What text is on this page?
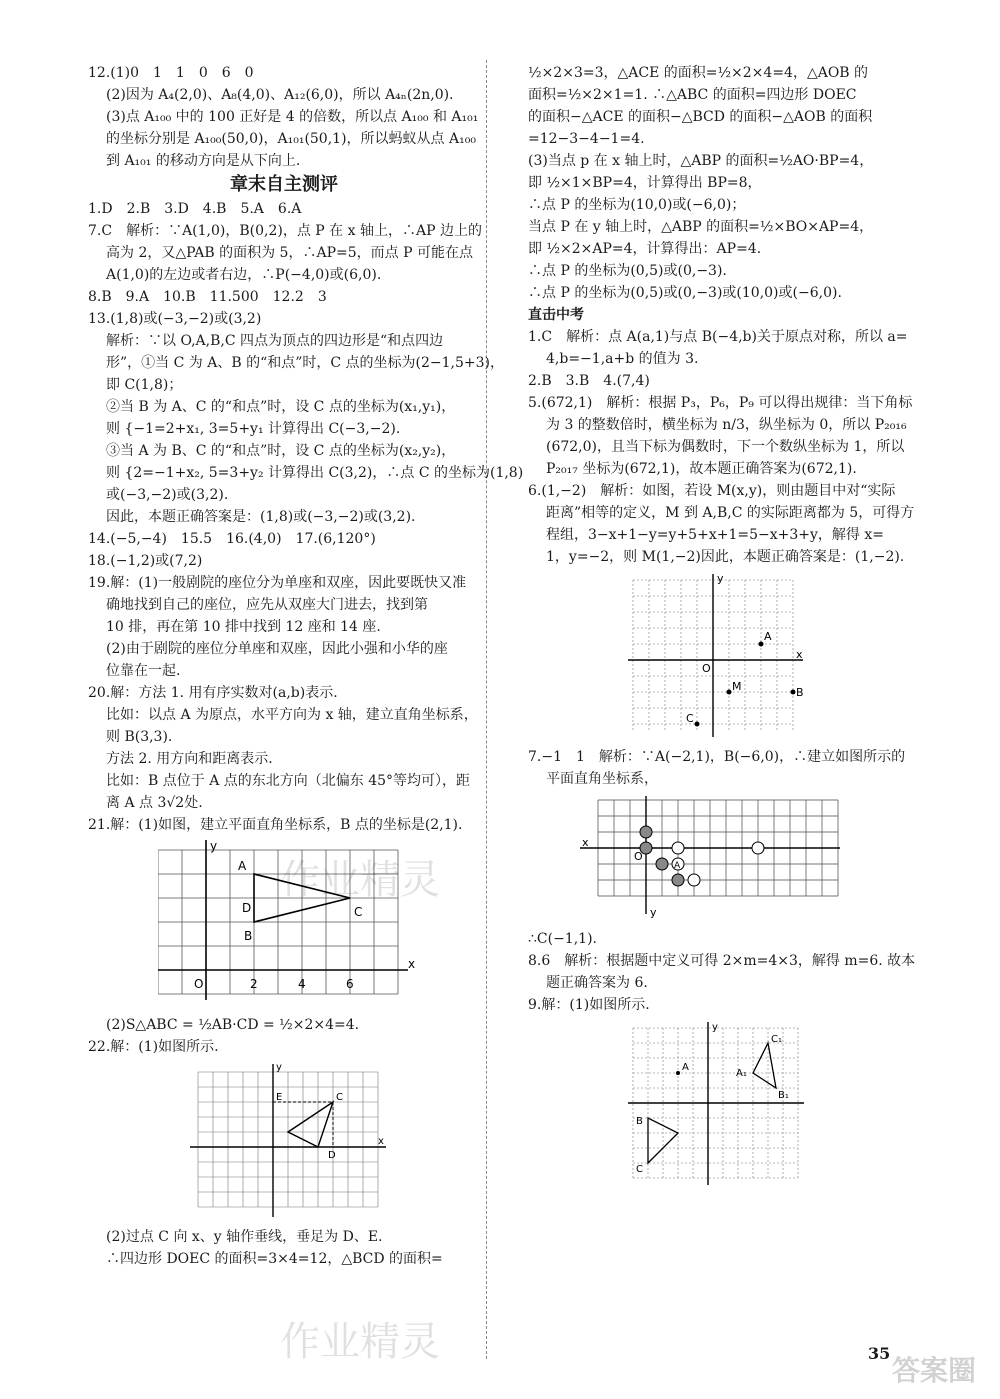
12.(1)0　1　1　0　6　0
(2)因为 A₄(2,0)、A₈(4,0)、A₁₂(6,0)，所以 A₄ₙ(2n,0).
(3)点 A₁₀₀ 中的 100 正好是 4 的倍数，所以点 A₁₀₀ 和 A₁₀₁
的坐标分别是 A₁₀₀(50,0)，A₁₀₁(50,1)，所以蚂蚁从点 A₁₀₀
到 A₁₀₁ 的移动方向是从下向上.
章末自主测评
1.D　2.B　3.D　4.B　5.A　6.A
7.C　解析：∵A(1,0)，B(0,2)，点 P 在 x 轴上，∴AP 边上的
高为 2，又△PAB 的面积为 5，∴AP=5，而点 P 可能在点
A(1,0)的左边或者右边，∴P(−4,0)或(6,0).
8.B　9.A　10.B　11.500　12.2　3
13.(1,8)或(−3,−2)或(3,2)
解析：∵以 O,A,B,C 四点为顶点的四边形是“和点四边
形”，①当 C 为 A、B 的“和点”时，C 点的坐标为(2−1,5+3)，
即 C(1,8)；
②当 B 为 A、C 的“和点”时，设 C 点的坐标为(x₁,y₁)，
则 {−1=2+x₁, 3=5+y₁ 计算得出 C(−3,−2).
③当 A 为 B、C 的“和点”时，设 C 点的坐标为(x₂,y₂)，
则 {2=−1+x₂, 5=3+y₂ 计算得出 C(3,2)，∴点 C 的坐标为(1,8)
或(−3,−2)或(3,2).
因此，本题正确答案是：(1,8)或(−3,−2)或(3,2).
14.(−5,−4)　15.5　16.(4,0)　17.(6,120°)
18.(−1,2)或(7,2)
19.解：(1)一般剧院的座位分为单座和双座，因此要既快又准
确地找到自己的座位，应先从双座大门进去，找到第
10 排，再在第 10 排中找到 12 座和 14 座.
(2)由于剧院的座位分单座和双座，因此小强和小华的座
位靠在一起.
20.解：方法 1. 用有序实数对(a,b)表示.
比如：以点 A 为原点，水平方向为 x 轴，建立直角坐标系，
则 B(3,3).
方法 2. 用方向和距离表示.
比如：B 点位于 A 点的东北方向（北偏东 45°等均可），距
离 A 点 3√2处.
21.解：(1)如图，建立平面直角坐标系，B 点的坐标是(2,1).
A
B
C
D
O	2	4	6
x
y
(2)S△ABC = ½AB·CD = ½×2×4=4.
22.解：(1)如图所示.
C
E
D
x
y
(2)过点 C 向 x、y 轴作垂线，垂足为 D、E.
∴四边形 DOEC 的面积=3×4=12，△BCD 的面积=
½×2×3=3，△ACE 的面积=½×2×4=4，△AOB 的
面积=½×2×1=1. ∴△ABC 的面积=四边形 DOEC
的面积−△ACE 的面积−△BCD 的面积−△AOB 的面积
=12−3−4−1=4.
(3)当点 p 在 x 轴上时，△ABP 的面积=½AO·BP=4，
即 ½×1×BP=4，计算得出 BP=8，
∴点 P 的坐标为(10,0)或(−6,0)；
当点 P 在 y 轴上时，△ABP 的面积=½×BO×AP=4，
即 ½×2×AP=4，计算得出：AP=4.
∴点 P 的坐标为(0,5)或(0,−3).
∴点 P 的坐标为(0,5)或(0,−3)或(10,0)或(−6,0).
直击中考
1.C　解析：点 A(a,1)与点 B(−4,b)关于原点对称，所以 a=
4,b=−1,a+b 的值为 3.
2.B　3.B　4.(7,4)
5.(672,1)　解析：根据 P₃，P₆，P₉ 可以得出规律：当下角标
为 3 的整数倍时，横坐标为 n/3，纵坐标为 0，所以 P₂₀₁₆
(672,0)，且当下标为偶数时，下一个数纵坐标为 1，所以
P₂₀₁₇ 坐标为(672,1)，故本题正确答案为(672,1).
6.(1,−2)　解析：如图，若设 M(x,y)，则由题目中对“实际
距离”相等的定义，M 到 A,B,C 的实际距离都为 5，可得方
程组，3−x+1−y=y+5+x+1=5−x+3+y，解得 x=
1，y=−2，则 M(1,−2)因此，本题正确答案是：(1,−2).
A
B
C
M
O
x
y
7.−1　1　解析：∵A(−2,1)，B(−6,0)，∴建立如图所示的
平面直角坐标系，
O
A
x
y
∴C(−1,1).
8.6　解析：根据题中定义可得 2×m=4×3，解得 m=6. 故本
题正确答案为 6.
9.解：(1)如图所示.
A
B
C
A₁
B₁
C₁
y
作业精灵
作业精灵	35
答案圈
